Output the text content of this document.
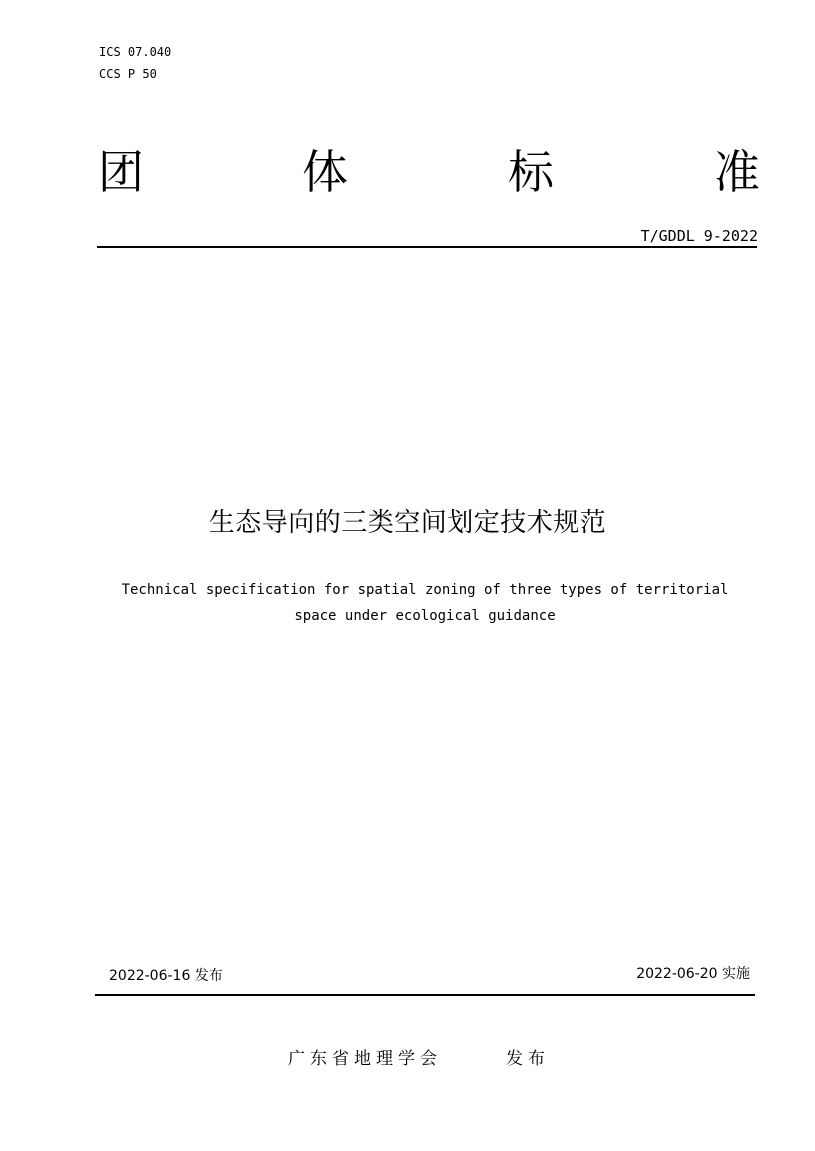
ICS 07.040
CCS P 50
团	体	标	准
T/GDDL 9-2022
生态导向的三类空间划定技术规范
Technical specification for spatial zoning of three types of territorial
space under ecological guidance
2022-06-16 发布	2022-06-20 实施
广东省地理学会	发布
